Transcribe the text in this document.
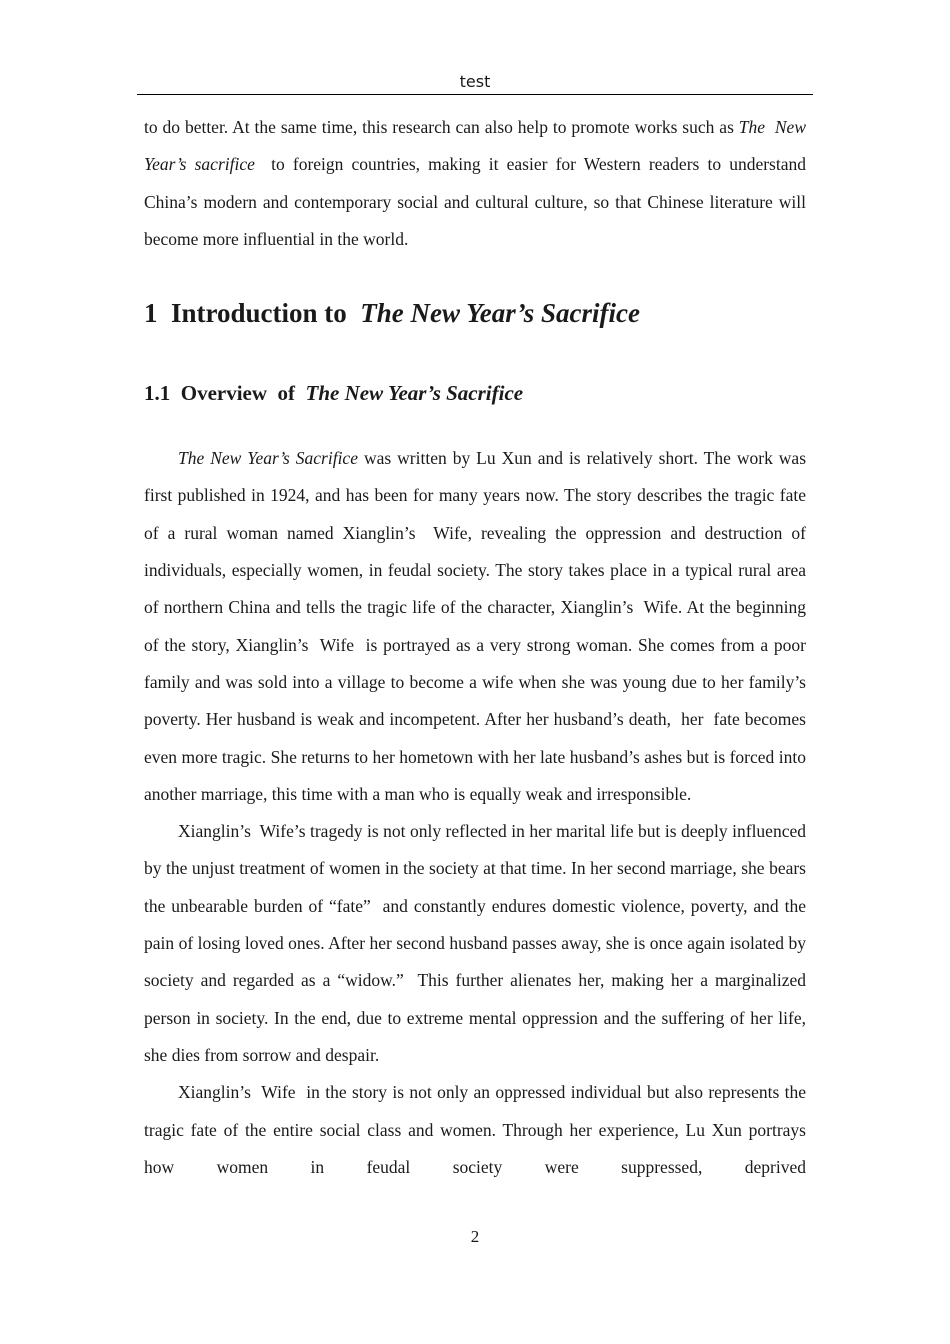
test

to do better. At the same time, this research can also help to promote works such as The  New Year’s sacrifice  to foreign countries, making it easier for Western readers to understand China’s modern and contemporary social and cultural culture, so that Chinese literature will become more influential in the world.

1 Introduction to The New Year’s Sacrifice
1.1 Overview  of The New Year’s Sacrifice

The New Year’s Sacrifice was written by Lu Xun and is relatively short. The work was first published in 1924, and has been for many years now. The story describes the tragic fate of a rural woman named Xianglin’s  Wife, revealing the oppression and destruction of individuals, especially women, in feudal society. The story takes place in a typical rural area of northern China and tells the tragic life of the character, Xianglin’s  Wife. At the beginning of the story, Xianglin’s  Wife  is portrayed as a very strong woman. She comes from a poor family and was sold into a village to become a wife when she was young due to her family’s poverty. Her husband is weak and incompetent. After her husband’s death,  her  fate becomes even more tragic. She returns to her hometown with her late husband’s ashes but is forced into another marriage, this time with a man who is equally weak and irresponsible.

Xianglin’s  Wife’s tragedy is not only reflected in her marital life but is deeply influenced by the unjust treatment of women in the society at that time. In her second marriage, she bears the unbearable burden of “fate”  and constantly endures domestic violence, poverty, and the pain of losing loved ones. After her second husband passes away, she is once again isolated by society and regarded as a “widow.”  This further alienates her, making her a marginalized person in society. In the end, due to extreme mental oppression and the suffering of her life, she dies from sorrow and despair.

Xianglin’s  Wife  in the story is not only an oppressed individual but also represents the tragic fate of the entire social class and women. Through her experience, Lu Xun portrays how women in feudal society were suppressed, deprived

2
